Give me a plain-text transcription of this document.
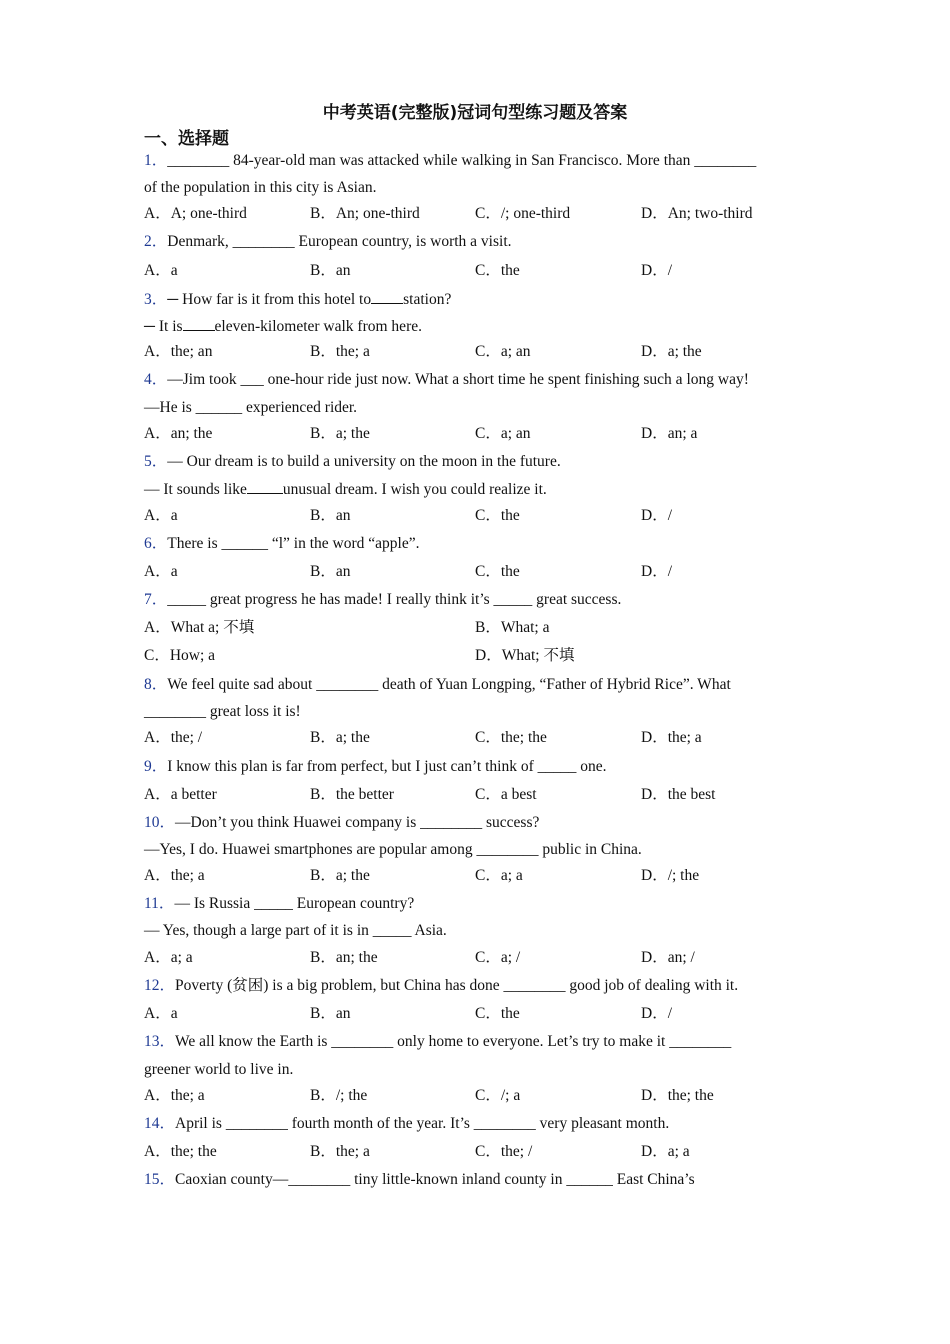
中考英语(完整版)冠词句型练习题及答案
一、选择题
1．________ 84-year-old man was attacked while walking in San Francisco. More than ________
of the population in this city is Asian.
A．A; one-third	B．An; one-third	C．/; one-third	D．An; two-third
2．Denmark, ________ European country, is worth a visit.
A．a	B．an	C．the	D．/
3．─ How far is it from this hotel to station?
─ It is eleven-kilometer walk from here.
A．the; an	B．the; a	C．a; an	D．a; the
4．—Jim took ___ one-hour ride just now. What a short time he spent finishing such a long way!
—He is ______ experienced rider.
A．an; the	B．a; the	C．a; an	D．an; a
5．— Our dream is to build a university on the moon in the future.
— It sounds like unusual dream. I wish you could realize it.
A．a	B．an	C．the	D．/
6．There is ______ “l” in the word “apple”.
A．a	B．an	C．the	D．/
7．_____ great progress he has made! I really think it’s _____ great success.
A．What a; 不填	B．What; a
C．How; a	D．What; 不填
8．We feel quite sad about ________ death of Yuan Longping, “Father of Hybrid Rice”. What
________ great loss it is!
A．the; /	B．a; the	C．the; the	D．the; a
9．I know this plan is far from perfect, but I just can’t think of _____ one.
A．a better	B．the better	C．a best	D．the best
10．—Don’t you think Huawei company is ________ success?
—Yes, I do. Huawei smartphones are popular among ________ public in China.
A．the; a	B．a; the	C．a; a	D．/; the
11．— Is Russia _____ European country?
— Yes, though a large part of it is in _____ Asia.
A．a; a	B．an; the	C．a; /	D．an; /
12．Poverty (贫困) is a big problem, but China has done ________ good job of dealing with it.
A．a	B．an	C．the	D．/
13．We all know the Earth is ________ only home to everyone. Let’s try to make it ________
greener world to live in.
A．the; a	B．/; the	C．/; a	D．the; the
14．April is ________ fourth month of the year. It’s ________ very pleasant month.
A．the; the	B．the; a	C．the; /	D．a; a
15．Caoxian county—________ tiny little-known inland county in ______ East China’s
